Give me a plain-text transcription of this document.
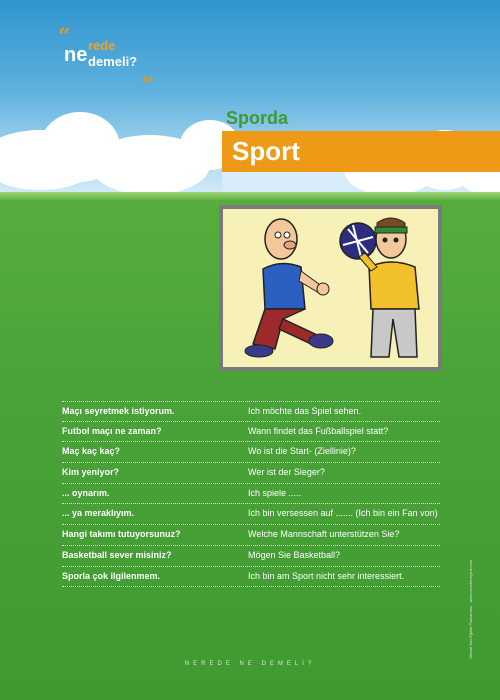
“
ne rede
demeli? „
Sporda
Sport
Maçı seyretmek istiyorum.	Ich möchte das Spiel sehen.
Futbol maçı ne zaman?	Wann findet das Fußballspiel statt?
Maç kaç kaç?	Wo ist die Start- (Ziellinie)?
Kim yeniyor?	Wer ist der Sieger?
... oynarım.	Ich spiele .....
... ya meraklıyım.	Ich bin versessen auf ....... (Ich bin ein Fan von)
Hangi takımı tutuyorsunuz?	Welche Mannschaft unterstützen Sie?
Basketball sever misiniz?	Mögen Sie Basketball?
Sporla çok ilgilenmem.	Ich bin am Sport nicht sehr interessiert.	Mimari Ilan Eğitim Planlaması · www.neredeneyedi.com
NEREDE NE DEMELİ?
